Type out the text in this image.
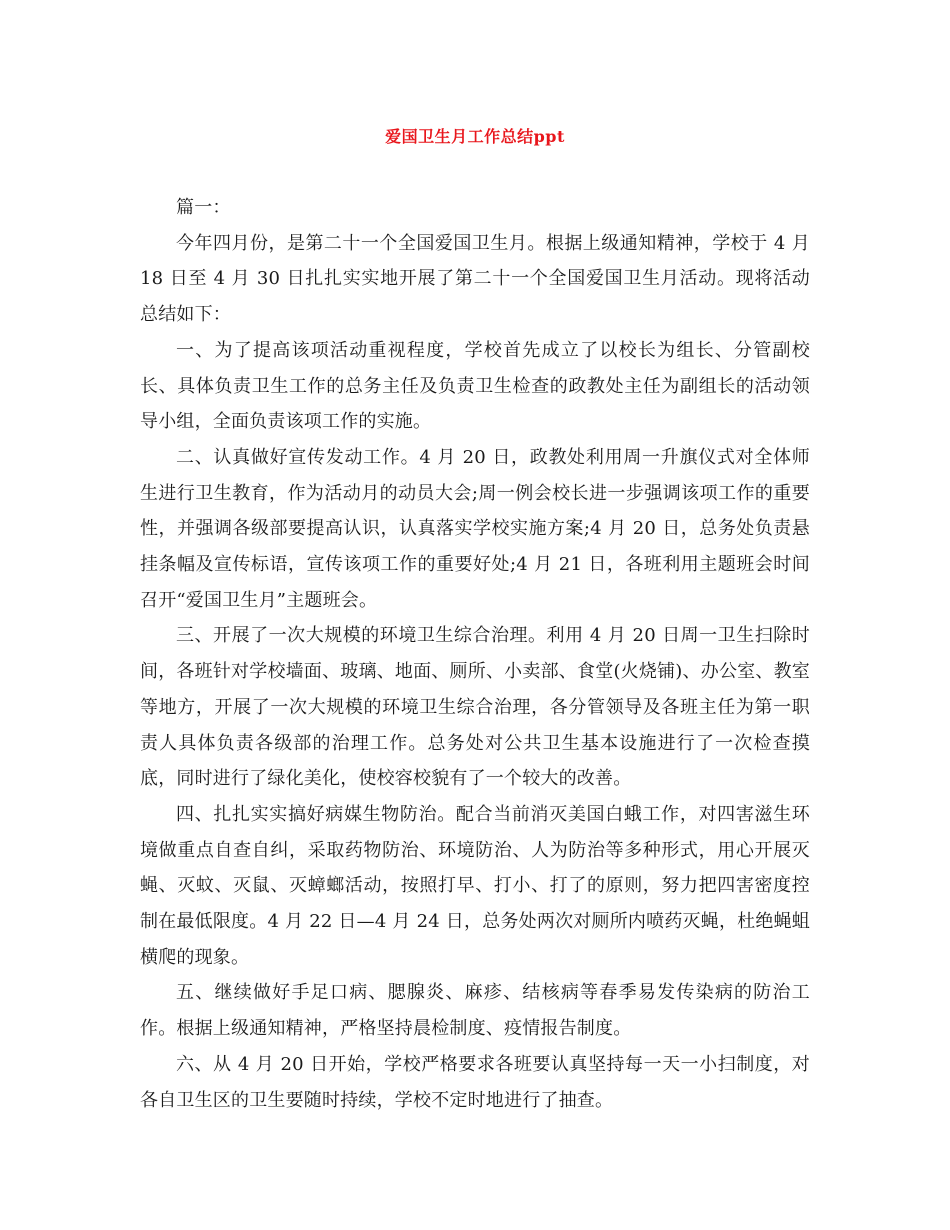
爱国卫生月工作总结ppt

篇一：

今年四月份，是第二十一个全国爱国卫生月。根据上级通知精神，学校于 4 月 18 日至 4 月 30 日扎扎实实地开展了第二十一个全国爱国卫生月活动。现将活动总结如下：

一、为了提高该项活动重视程度，学校首先成立了以校长为组长、分管副校长、具体负责卫生工作的总务主任及负责卫生检查的政教处主任为副组长的活动领导小组，全面负责该项工作的实施。

二、认真做好宣传发动工作。4 月 20 日，政教处利用周一升旗仪式对全体师生进行卫生教育，作为活动月的动员大会;周一例会校长进一步强调该项工作的重要性，并强调各级部要提高认识，认真落实学校实施方案;4 月 20 日，总务处负责悬挂条幅及宣传标语，宣传该项工作的重要好处;4 月 21 日，各班利用主题班会时间召开“爱国卫生月”主题班会。

三、开展了一次大规模的环境卫生综合治理。利用 4 月 20 日周一卫生扫除时间，各班针对学校墙面、玻璃、地面、厕所、小卖部、食堂(火烧铺)、办公室、教室等地方，开展了一次大规模的环境卫生综合治理，各分管领导及各班主任为第一职责人具体负责各级部的治理工作。总务处对公共卫生基本设施进行了一次检查摸底，同时进行了绿化美化，使校容校貌有了一个较大的改善。

四、扎扎实实搞好病媒生物防治。配合当前消灭美国白蛾工作，对四害滋生环境做重点自查自纠，采取药物防治、环境防治、人为防治等多种形式，用心开展灭蝇、灭蚊、灭鼠、灭蟑螂活动，按照打早、打小、打了的原则，努力把四害密度控制在最低限度。4 月 22 日—4 月 24 日，总务处两次对厕所内喷药灭蝇，杜绝蝇蛆横爬的现象。

五、继续做好手足口病、腮腺炎、麻疹、结核病等春季易发传染病的防治工作。根据上级通知精神，严格坚持晨检制度、疫情报告制度。

六、从 4 月 20 日开始，学校严格要求各班要认真坚持每一天一小扫制度，对各自卫生区的卫生要随时持续，学校不定时地进行了抽查。
